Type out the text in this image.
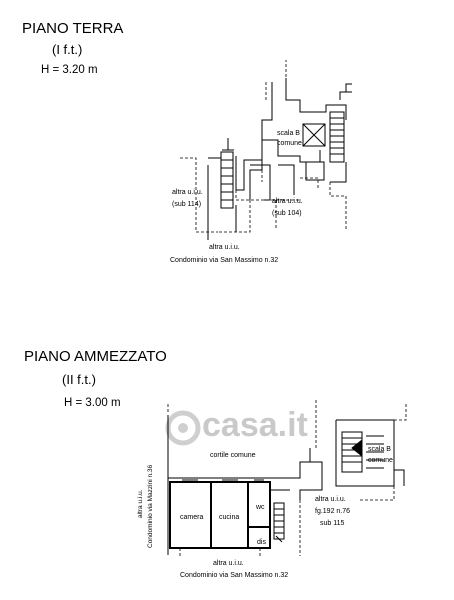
PIANO TERRA
(I f.t.)
H = 3.20 m
PIANO AMMEZZATO
(II f.t.)
H = 3.00 m
casa.it
scala B
comune
altra u.i.u.
(sub 114)	altra u.i.u.
(sub 104)
altra u.i.u.
Condominio via San Massimo n.32
cortile comune
scala B
comune
altra u.i.u. Condominio via Mazzini n.36	camera cucina
wc
dis
altra u.i.u.
fg.192 n.76
sub 115
altra u.i.u.
Condominio via San Massimo n.32
